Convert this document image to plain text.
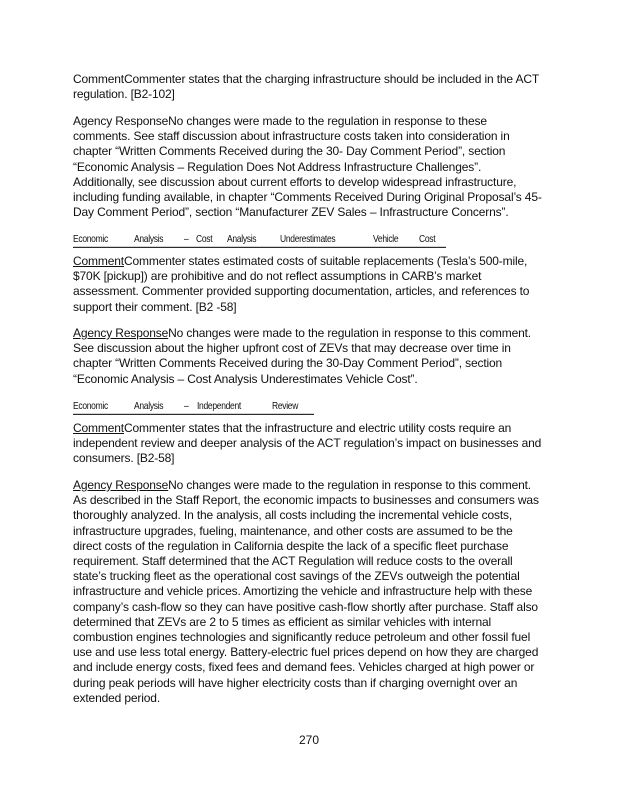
CommentCommenter states that the charging infrastructure should be included in the ACT regulation. [B2-102]

Agency ResponseNo changes were made to the regulation in response to these comments. See staff discussion about infrastructure costs taken into consideration in chapter “Written Comments Received during the 30- Day Comment Period”, section “Economic Analysis – Regulation Does Not Address Infrastructure Challenges”. Additionally, see discussion about current efforts to develop widespread infrastructure, including funding available, in chapter “Comments Received During Original Proposal’s 45-Day Comment Period”, section “Manufacturer ZEV Sales – Infrastructure Concerns”.

Economic	Analysis – Cost Analysis	Underestimates	Vehicle Cost

CommentCommenter states estimated costs of suitable replacements (Tesla’s 500-mile, $70K [pickup]) are prohibitive and do not reflect assumptions in CARB’s market assessment. Commenter provided supporting documentation, articles, and references to support their comment. [B2 -58]

Agency ResponseNo changes were made to the regulation in response to this comment. See discussion about the higher upfront cost of ZEVs that may decrease over time in chapter “Written Comments Received during the 30-Day Comment Period”, section “Economic Analysis – Cost Analysis Underestimates Vehicle Cost”.

Economic	Analysis – Independent	Review

CommentCommenter states that the infrastructure and electric utility costs require an independent review and deeper analysis of the ACT regulation’s impact on businesses and consumers. [B2-58]

Agency ResponseNo changes were made to the regulation in response to this comment. As described in the Staff Report, the economic impacts to businesses and consumers was thoroughly analyzed. In the analysis, all costs including the incremental vehicle costs, infrastructure upgrades, fueling, maintenance, and other costs are assumed to be the direct costs of the regulation in California despite the lack of a specific fleet purchase requirement. Staff determined that the ACT Regulation will reduce costs to the overall state’s trucking fleet as the operational cost savings of the ZEVs outweigh the potential infrastructure and vehicle prices. Amortizing the vehicle and infrastructure help with these company’s cash-flow so they can have positive cash-flow shortly after purchase. Staff also determined that ZEVs are 2 to 5 times as efficient as similar vehicles with internal combustion engines technologies and significantly reduce petroleum and other fossil fuel use and use less total energy. Battery-electric fuel prices depend on how they are charged and include energy costs, fixed fees and demand fees. Vehicles charged at high power or during peak periods will have higher electricity costs than if charging overnight over an extended period.

270
